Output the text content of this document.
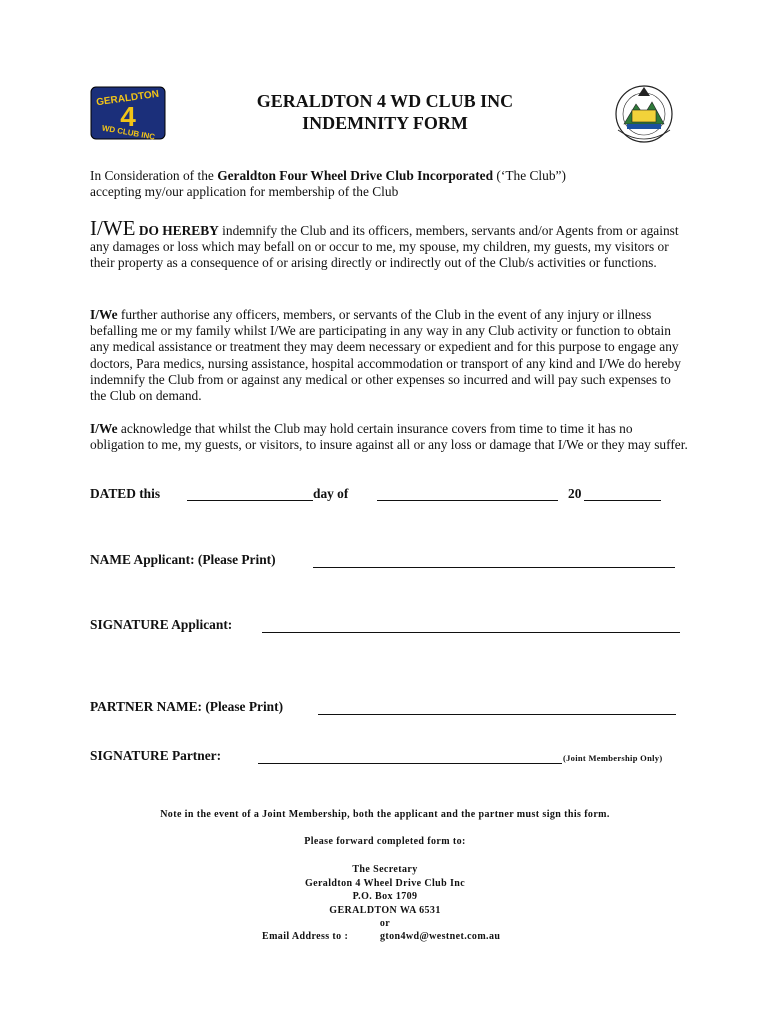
GERALDTON
4
WD CLUB INC
GERALDTON 4 WD CLUB INC
INDEMNITY FORM
In Consideration of the Geraldton Four Wheel Drive Club Incorporated (‘The Club”)
accepting my/our application for membership of the Club
I/WE DO HEREBY indemnify the Club and its officers, members, servants and/or Agents from or against any damages or loss which may befall on or occur to me, my spouse, my children, my guests, my visitors or their property as a consequence of or arising directly or indirectly out of the Club/s activities or functions.
I/We further authorise any officers, members, or servants of the Club in the event of any injury or illness befalling me or my family whilst I/We are participating in any way in any Club activity or function to obtain any medical assistance or treatment they may deem necessary or expedient and for this purpose to engage any doctors, Para medics, nursing assistance, hospital accommodation or transport of any kind and I/We do hereby indemnify the Club from or against any medical or other expenses so incurred and will pay such expenses to the Club on demand.
I/We acknowledge that whilst the Club may hold certain insurance covers from time to time it has no obligation to me, my guests, or visitors, to insure against all or any loss or damage that I/We or they may suffer.
DATED this	day of	20
NAME Applicant: (Please Print)
SIGNATURE Applicant:
PARTNER NAME: (Please Print)
SIGNATURE Partner:	(Joint Membership Only)
Note in the event of a Joint Membership, both the applicant and the partner must sign this form.
Please forward completed form to:
The Secretary
Geraldton 4 Wheel Drive Club Inc
P.O. Box 1709
GERALDTON WA 6531
or
Email Address to :	gton4wd@westnet.com.au
